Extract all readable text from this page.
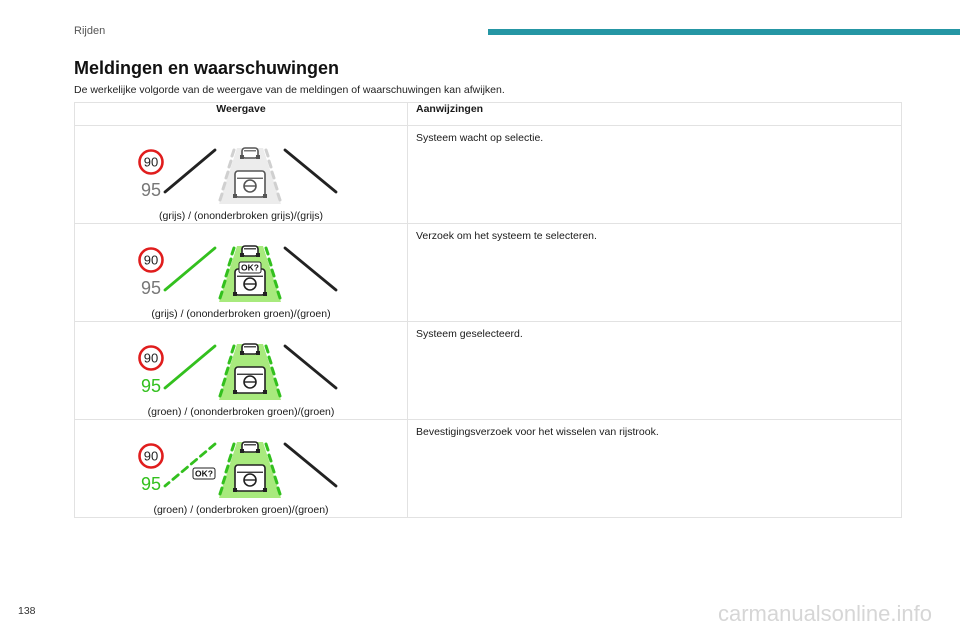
Rijden
Meldingen en waarschuwingen

De werkelijke volgorde van de weergave van de meldingen of waarschuwingen kan afwijken.

Weergave	Aanwijzingen

90
95
(grijs) / (ononderbroken grijs)/(grijs)	Systeem wacht op selectie.

90
95
OK?
(grijs) / (ononderbroken groen)/(groen)	Verzoek om het systeem te selecteren.

90
95
(groen) / (ononderbroken groen)/(groen)	Systeem geselecteerd.

90
95
OK?
(groen) / (onderbroken groen)/(groen)	Bevestigingsverzoek voor het wisselen van rijstrook.
138	carmanualsonline.info
